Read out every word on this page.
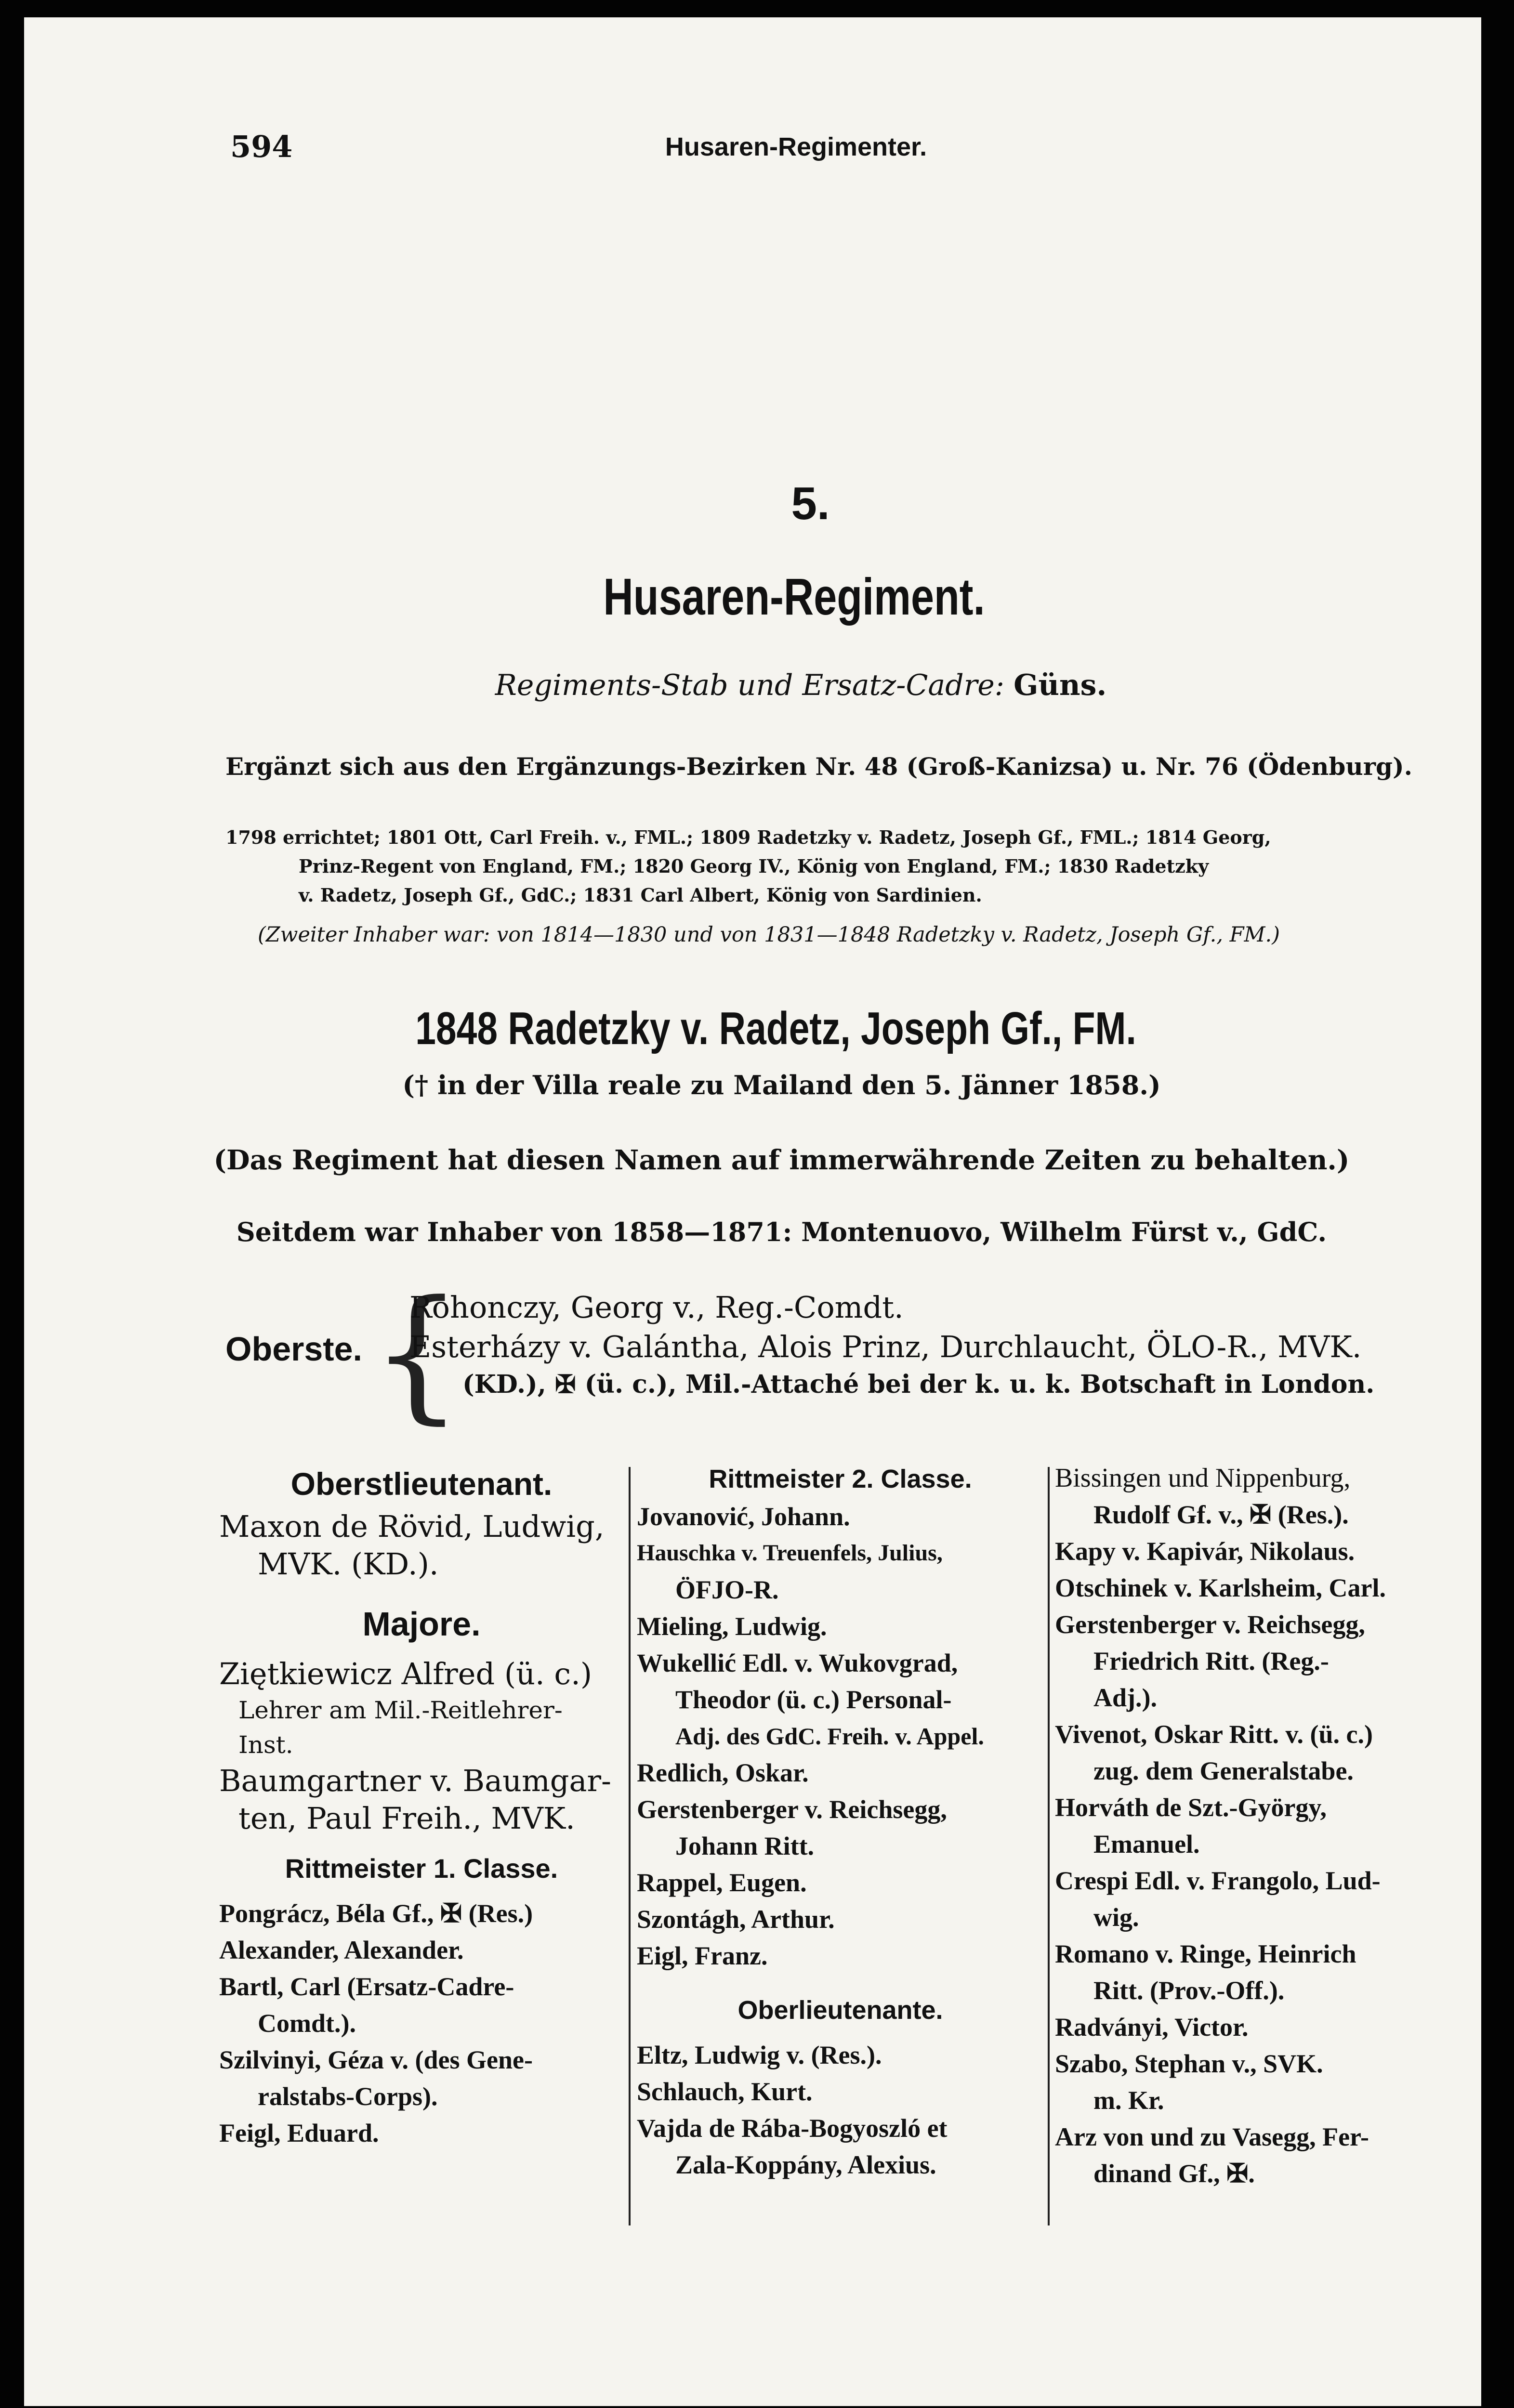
594	Husaren-Regimenter.
5.
Husaren-Regiment.
Regiments-Stab und Ersatz-Cadre: Güns.
Ergänzt sich aus den Ergänzungs-Bezirken Nr. 48 (Groß-Kanizsa) u. Nr. 76 (Ödenburg).
1798 errichtet; 1801 Ott, Carl Freih. v., FML.; 1809 Radetzky v. Radetz, Joseph Gf., FML.; 1814 Georg,
Prinz-Regent von England, FM.; 1820 Georg IV., König von England, FM.; 1830 Radetzky
v. Radetz, Joseph Gf., GdC.; 1831 Carl Albert, König von Sardinien.
(Zweiter Inhaber war: von 1814—1830 und von 1831—1848 Radetzky v. Radetz, Joseph Gf., FM.)
1848 Radetzky v. Radetz, Joseph Gf., FM.
(† in der Villa reale zu Mailand den 5. Jänner 1858.)
(Das Regiment hat diesen Namen auf immerwährende Zeiten zu behalten.)
Seitdem war Inhaber von 1858—1871: Montenuovo, Wilhelm Fürst v., GdC.
Oberste. {
Rohonczy, Georg v., Reg.-Comdt.
Esterházy v. Galántha, Alois Prinz, Durchlaucht, ÖLO-R., MVK.
(KD.), ✠ (ü. c.), Mil.-Attaché bei der k. u. k. Botschaft in London.
Oberstlieutenant.
Maxon de Rövid, Ludwig,
MVK. (KD.).
Majore.
Ziętkiewicz Alfred (ü. c.)
Lehrer am Mil.-Reitlehrer-
Inst.
Baumgartner v. Baumgar-
ten, Paul Freih., MVK.
Rittmeister 1. Classe.
Pongrácz, Béla Gf., ✠ (Res.)
Alexander, Alexander.
Bartl, Carl (Ersatz-Cadre-
Comdt.).
Szilvinyi, Géza v. (des Gene-
ralstabs-Corps).
Feigl, Eduard.
Rittmeister 2. Classe.
Jovanović, Johann.
Hauschka v. Treuenfels, Julius,
ÖFJO-R.
Mieling, Ludwig.
Wukellić Edl. v. Wukovgrad,
Theodor (ü. c.) Personal-
Adj. des GdC. Freih. v. Appel.
Redlich, Oskar.
Gerstenberger v. Reichsegg,
Johann Ritt.
Rappel, Eugen.
Szontágh, Arthur.
Eigl, Franz.
Oberlieutenante.
Eltz, Ludwig v. (Res.).
Schlauch, Kurt.
Vajda de Rába-Bogyoszló et
Zala-Koppány, Alexius.
Bissingen und Nippenburg,
Rudolf Gf. v., ✠ (Res.).
Kapy v. Kapivár, Nikolaus.
Otschinek v. Karlsheim, Carl.
Gerstenberger v. Reichsegg,
Friedrich Ritt. (Reg.-
Adj.).
Vivenot, Oskar Ritt. v. (ü. c.)
zug. dem Generalstabe.
Horváth de Szt.-György,
Emanuel.
Crespi Edl. v. Frangolo, Lud-
wig.
Romano v. Ringe, Heinrich
Ritt. (Prov.-Off.).
Radványi, Victor.
Szabo, Stephan v., SVK.
m. Kr.
Arz von und zu Vasegg, Fer-
dinand Gf., ✠.
